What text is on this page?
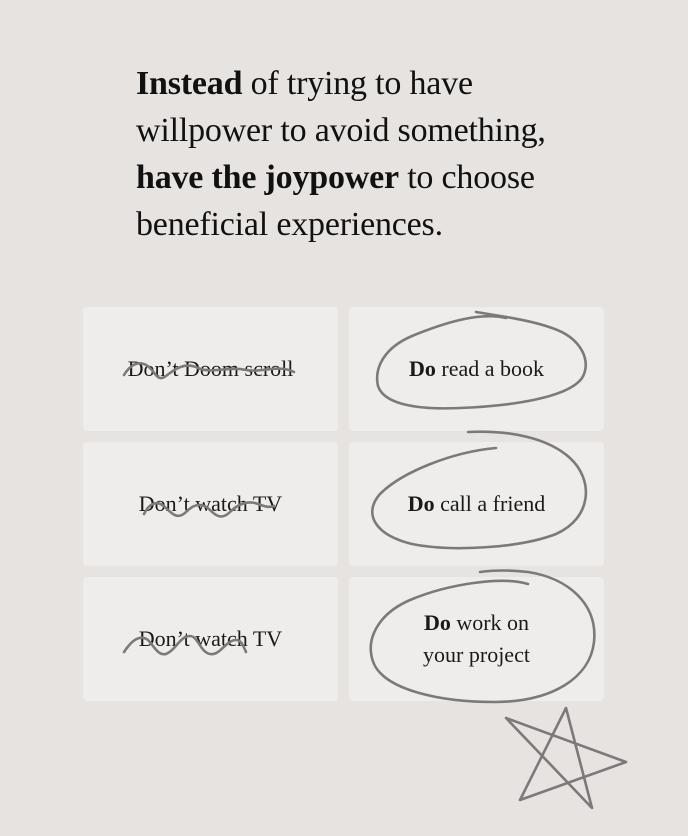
Instead of trying to have willpower to avoid something, have the joypower to choose beneficial experiences.
Don’t Doom scroll	Do read a book
Don’t watch TV	Do call a friend
Don’t watch TV
Do work on
your project
